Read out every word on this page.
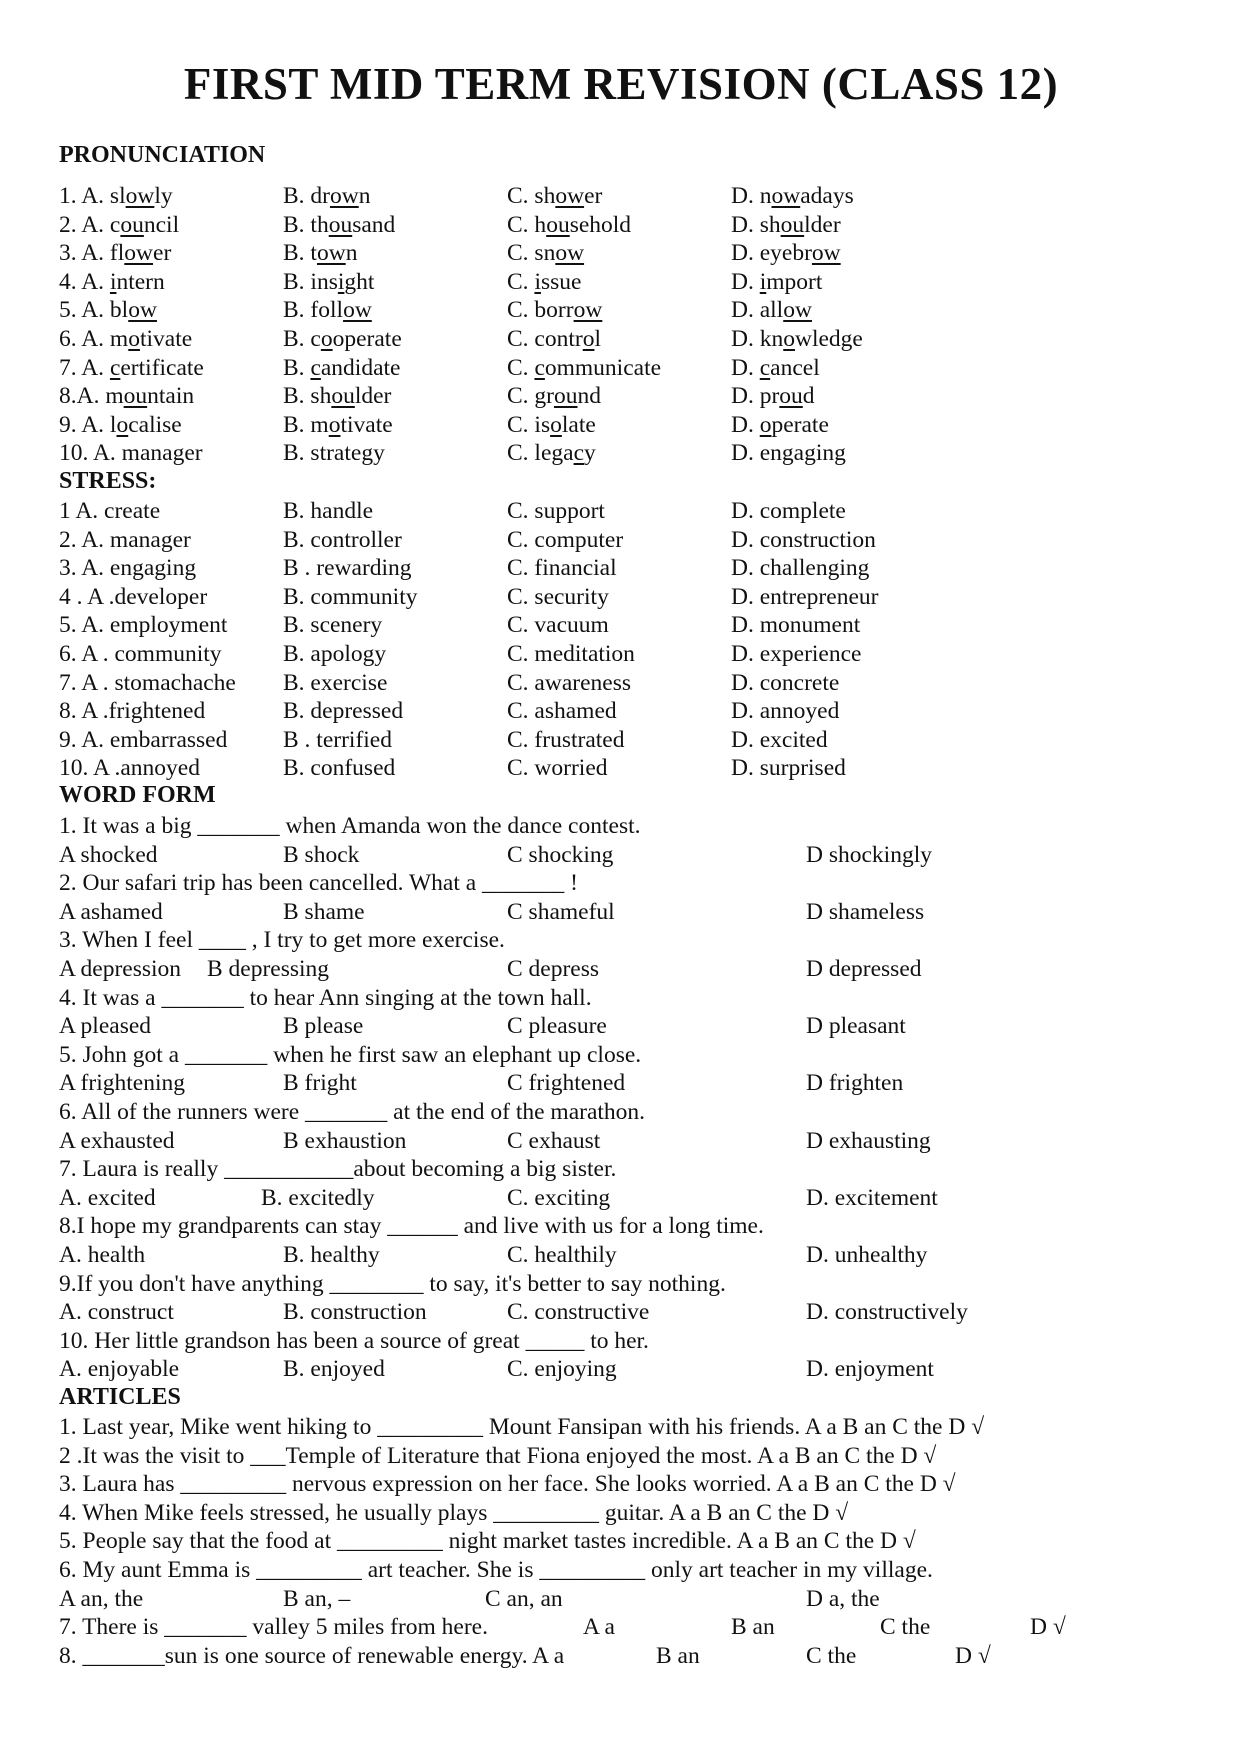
FIRST MID TERM REVISION (CLASS 12)
PRONUNCIATION
1. A. slowly	B. drown	C. shower	D. nowadays
2. A. council	B. thousand	C. household	D. shoulder
3. A. flower	B. town	C. snow	D. eyebrow
4. A. intern	B. insight	C. issue	D. import
5. A. blow	B. follow	C. borrow	D. allow
6. A. motivate	B. cooperate	C. control	D. knowledge
7. A. certificate	B. candidate	C. communicate	D. cancel
8.A. mountain	B. shoulder	C. ground	D. proud
9. A. localise	B. motivate	C. isolate	D. operate
10. A. manager	B. strategy	C. legacy	D. engaging
STRESS:
1 A. create	B. handle	C. support	D. complete
2. A. manager	B. controller	C. computer	D. construction
3. A. engaging	B . rewarding	C. financial	D. challenging
4 . A .developer	B. community	C. security	D. entrepreneur
5. A. employment B. scenery	C. vacuum	D. monument
6. A . community	B. apology	C. meditation	D. experience
7. A . stomachache B. exercise	C. awareness	D. concrete
8. A .frightened	B. depressed	C. ashamed	D. annoyed
9. A. embarrassed B . terrified	C. frustrated	D. excited
10. A .annoyed	B. confused	C. worried	D. surprised
WORD FORM
1. It was a big _______ when Amanda won the dance contest.
A shocked	B shock	C shocking	D shockingly
2. Our safari trip has been cancelled. What a _______ !
A ashamed	B shame	C shameful	D shameless
3. When I feel ____ , I try to get more exercise.
A depression B depressing	C depress	D depressed
4. It was a _______ to hear Ann singing at the town hall.
A pleased	B please	C pleasure	D pleasant
5. John got a _______ when he first saw an elephant up close.
A frightening	B fright	C frightened	D frighten
6. All of the runners were _______ at the end of the marathon.
A exhausted	B exhaustion	C exhaust	D exhausting
7. Laura is really ___________about becoming a big sister.
A. excited	B. excitedly	C. exciting	D. excitement
8.I hope my grandparents can stay ______ and live with us for a long time.
A. health	B. healthy	C. healthily	D. unhealthy
9.If you don't have anything ________ to say, it's better to say nothing.
A. construct	B. construction	C. constructive	D. constructively
10. Her little grandson has been a source of great _____ to her.
A. enjoyable	B. enjoyed	C. enjoying	D. enjoyment
ARTICLES
1. Last year, Mike went hiking to _________ Mount Fansipan with his friends. A a B an C the D √
2 .It was the visit to ___Temple of Literature that Fiona enjoyed the most. A a B an C the D √
3. Laura has _________ nervous expression on her face. She looks worried. A a B an C the D √
4. When Mike feels stressed, he usually plays _________ guitar. A a B an C the D √
5. People say that the food at _________ night market tastes incredible. A a B an C the D √
6. My aunt Emma is _________ art teacher. She is _________ only art teacher in my village.
A an, the	B an, –	C an, an	D a, the
7. There is _______ valley 5 miles from here.	A a	B an	C the	D √
8. _______sun is one source of renewable energy. A a	B an	C the	D √
